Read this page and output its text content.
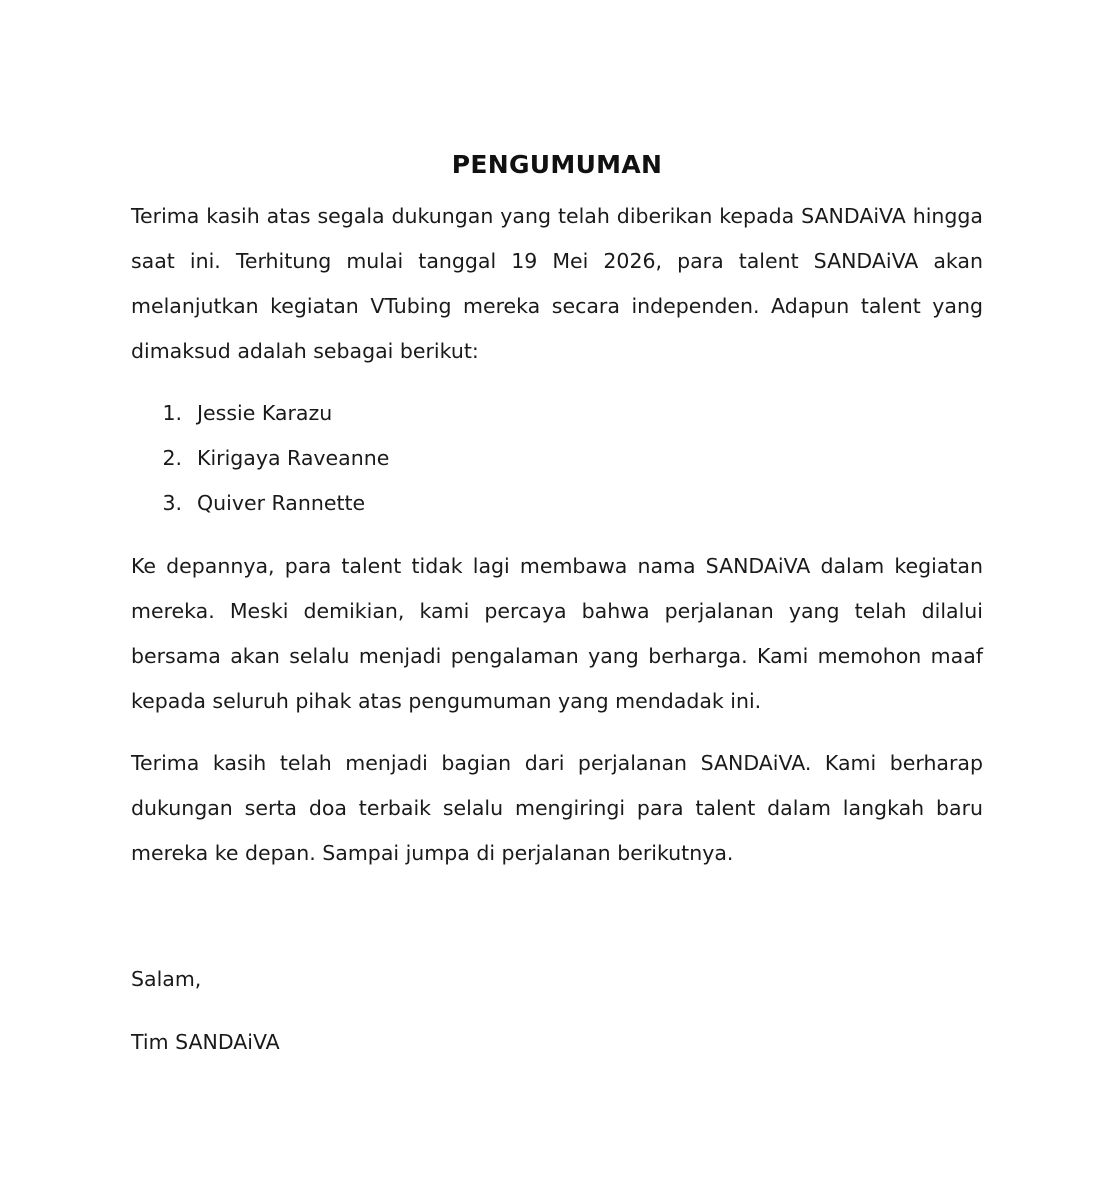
PENGUMUMAN

Terima kasih atas segala dukungan yang telah diberikan kepada SANDAiVA hingga saat ini. Terhitung mulai tanggal 19 Mei 2026, para talent SANDAiVA akan melanjutkan kegiatan VTubing mereka secara independen. Adapun talent yang dimaksud adalah sebagai berikut:

1. Jessie Karazu
2. Kirigaya Raveanne
3. Quiver Rannette

Ke depannya, para talent tidak lagi membawa nama SANDAiVA dalam kegiatan mereka. Meski demikian, kami percaya bahwa perjalanan yang telah dilalui bersama akan selalu menjadi pengalaman yang berharga. Kami memohon maaf kepada seluruh pihak atas pengumuman yang mendadak ini.

Terima kasih telah menjadi bagian dari perjalanan SANDAiVA. Kami berharap dukungan serta doa terbaik selalu mengiringi para talent dalam langkah baru mereka ke depan. Sampai jumpa di perjalanan berikutnya.

Salam,

Tim SANDAiVA
